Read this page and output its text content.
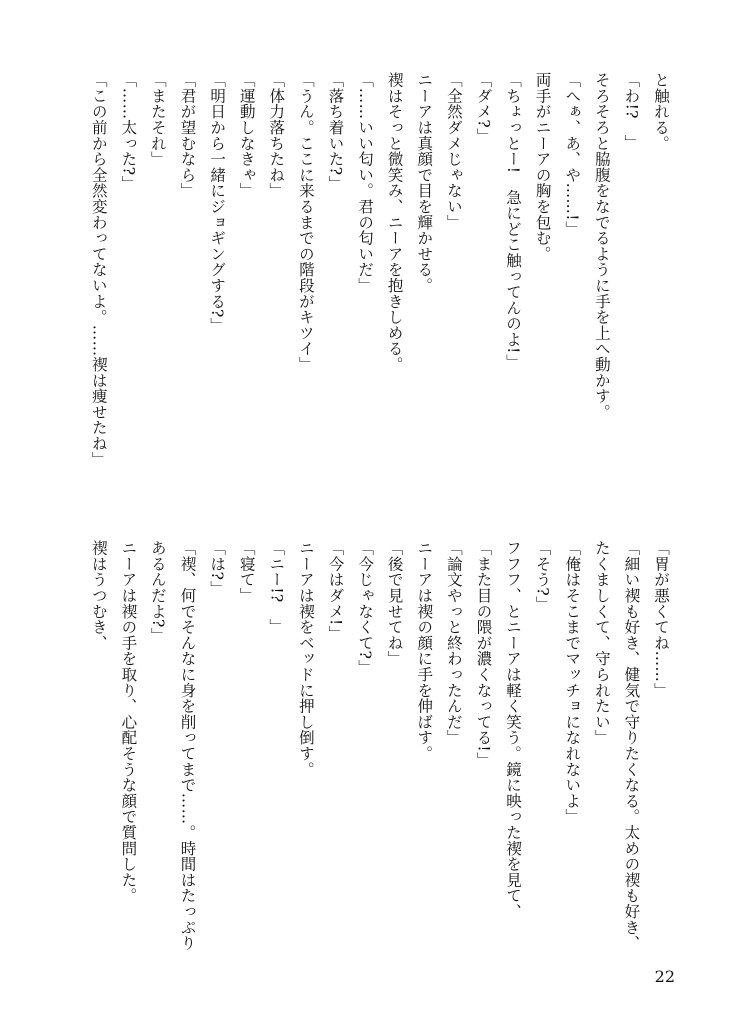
と触れる。
「わ!?　」
そろそろと脇腹をなでるように手を上へ動かす。
「へぁ、あ、や……!」
両手がニーアの胸を包む。
「ちょっとー!　急にどこ触ってんのよ!」
「ダメ?」
「全然ダメじゃない」
ニーアは真顔で目を輝かせる。
禊はそっと微笑み、ニーアを抱きしめる。
「……いい匂い。君の匂いだ」
「落ち着いた?」
「うん。ここに来るまでの階段がキツイ」
「体力落ちたね」
「運動しなきゃ」
「明日から一緒にジョギングする?」
「君が望むなら」
「またそれ」
「……太った?」
「この前から全然変わってないよ。……禊は痩せたね」
「胃が悪くてね……」
「細い禊も好き、健気で守りたくなる。太めの禊も好き、
たくましくて、守られたい」
「俺はそこまでマッチョになれないよ」
「そう?」
フフフ、とニーアは軽く笑う。鏡に映った禊を見て、
「また目の隈が濃くなってる!」
「論文やっと終わったんだ」
ニーアは禊の顔に手を伸ばす。
「後で見せてね」
「今じゃなくて?」
「今はダメ!」
ニーアは禊をベッドに押し倒す。
「ニー!?　」
「寝て」
「は?」
「禊、何でそんなに身を削ってまで……。時間はたっぷり
あるんだよ?」
ニーアは禊の手を取り、心配そうな顔で質問した。
禊はうつむき、
22
